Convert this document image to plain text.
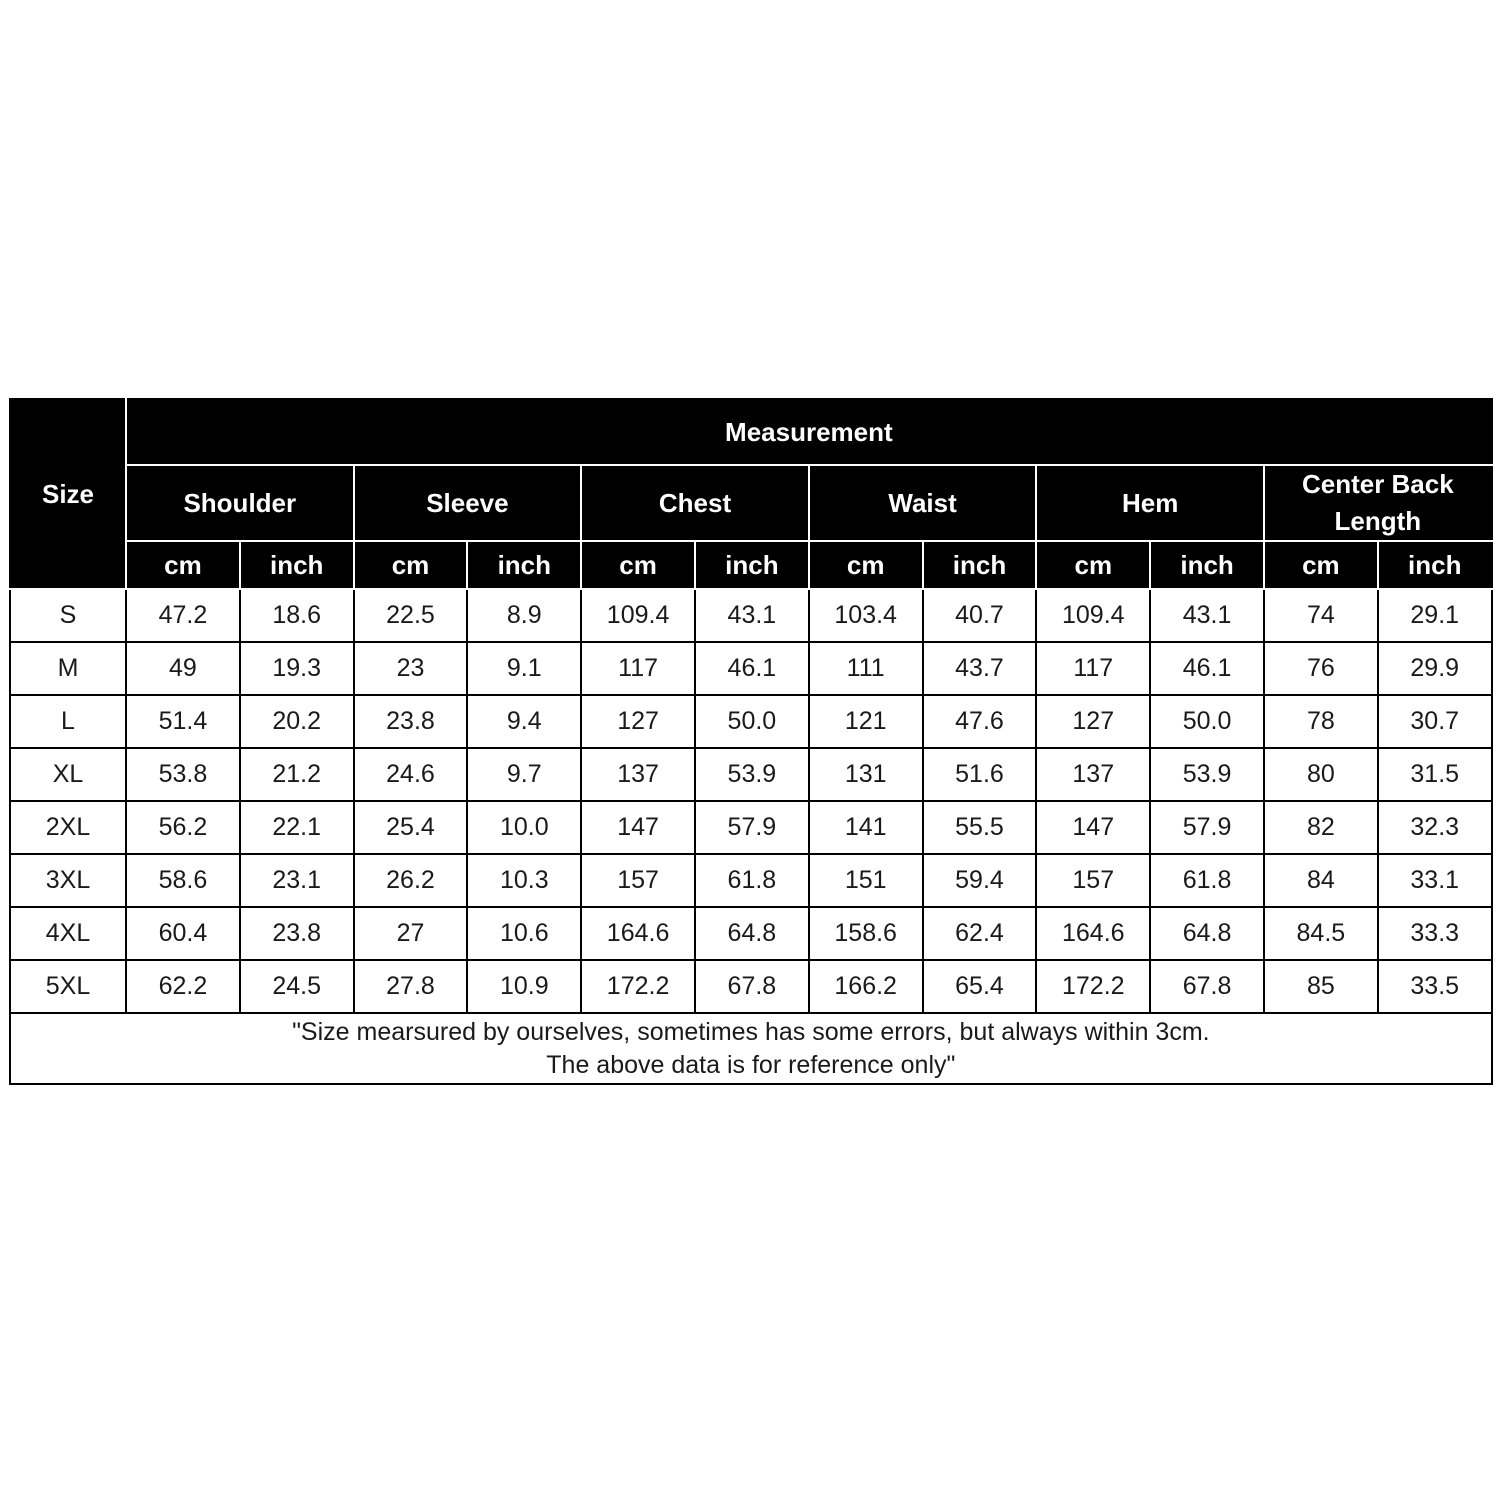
Size	Measurement											
	Shoulder		Sleeve		Chest		Waist		Hem		Center Back Length	
	cm	inch	cm	inch	cm	inch	cm	inch	cm	inch	cm	inch
S	47.2	18.6	22.5	8.9	109.4	43.1	103.4	40.7	109.4	43.1	74	29.1
M	49	19.3	23	9.1	117	46.1	111	43.7	117	46.1	76	29.9
L	51.4	20.2	23.8	9.4	127	50.0	121	47.6	127	50.0	78	30.7
XL	53.8	21.2	24.6	9.7	137	53.9	131	51.6	137	53.9	80	31.5
2XL	56.2	22.1	25.4	10.0	147	57.9	141	55.5	147	57.9	82	32.3
3XL	58.6	23.1	26.2	10.3	157	61.8	151	59.4	157	61.8	84	33.1
4XL	60.4	23.8	27	10.6	164.6	64.8	158.6	62.4	164.6	64.8	84.5	33.3
5XL	62.2	24.5	27.8	10.9	172.2	67.8	166.2	65.4	172.2	67.8	85	33.5

"Size mearsured by ourselves, sometimes has some errors, but always within 3cm.
The above data is for reference only"												
